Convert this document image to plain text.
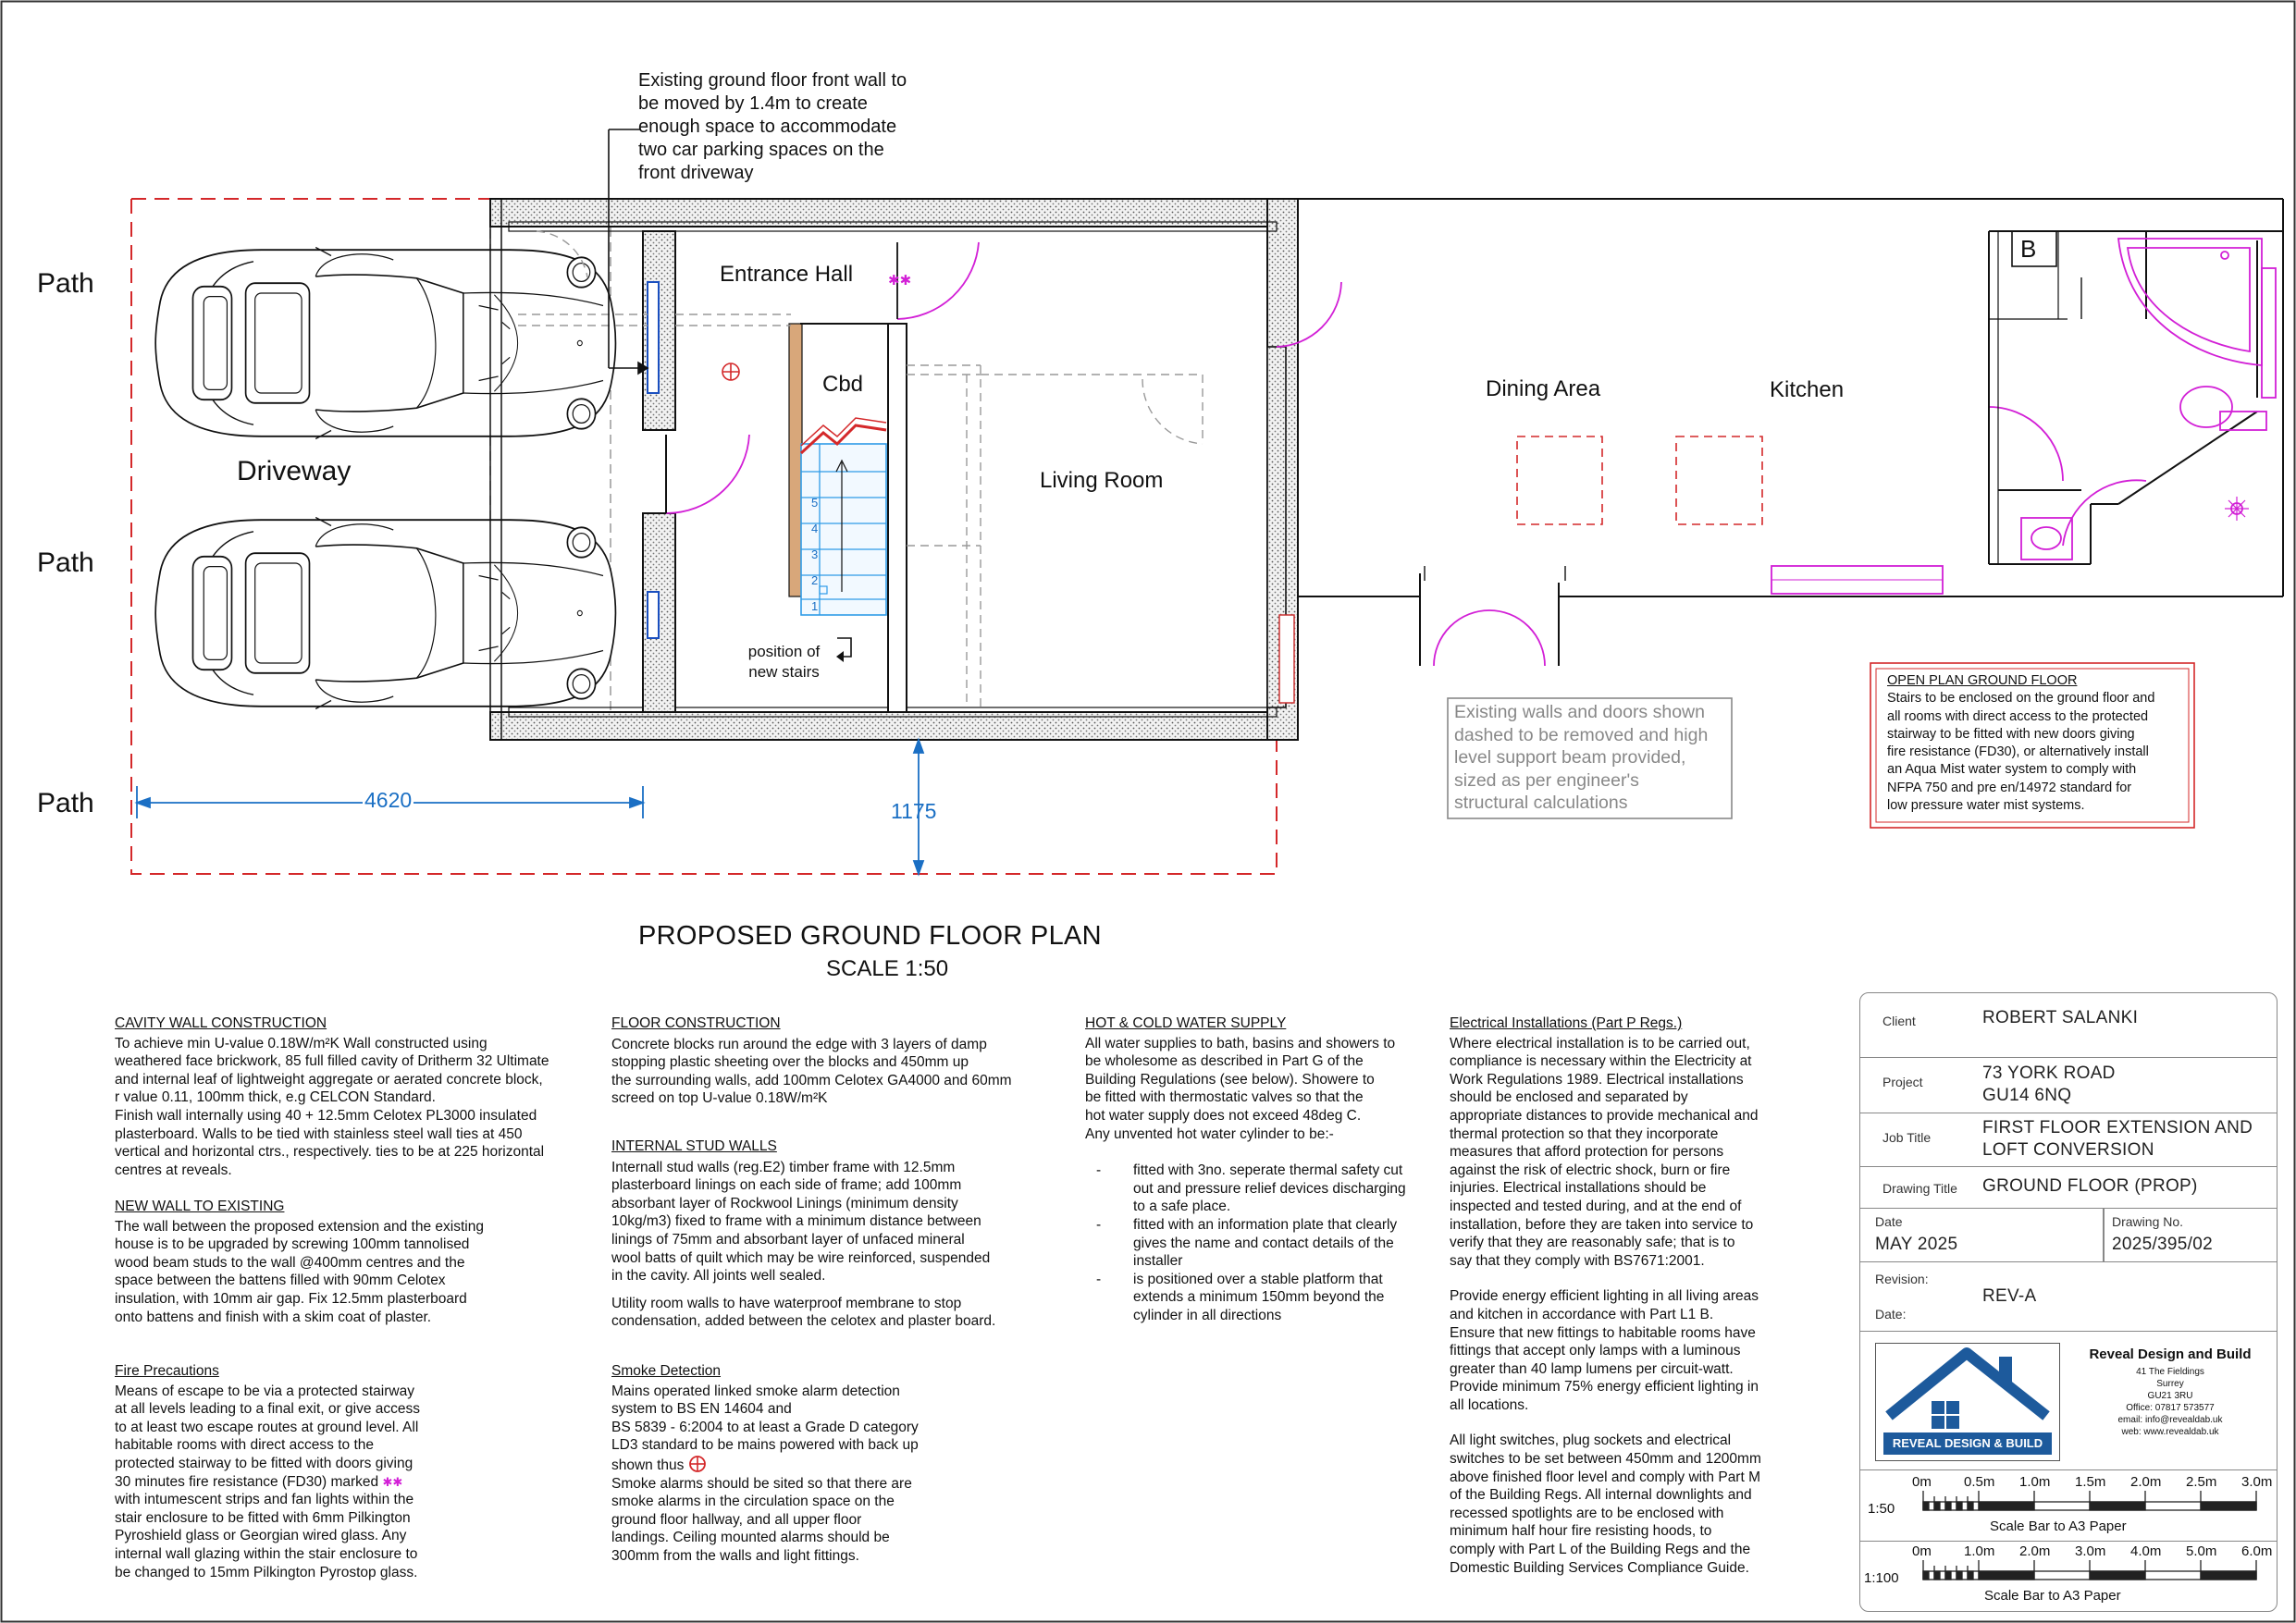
✱✱
Path
Path
Path
Driveway
Entrance Hall
Cbd
Living Room
Dining Area	Kitchen
B
5
4
3
2
1
position of
new stairs
4620	1175
Existing ground floor front wall to
be moved by 1.4m to create
enough space to accommodate
two car parking spaces on the
front driveway
Existing walls and doors shown
dashed to be removed and high
level support beam provided,
sized as per engineer's
structural calculations
OPEN PLAN GROUND FLOOR
Stairs to be enclosed on the ground floor and
all rooms with direct access to the protected
stairway to be fitted with new doors giving
fire resistance (FD30), or alternatively install
an Aqua Mist water system to comply with
NFPA 750 and pre en/14972 standard for
low pressure water mist systems.
PROPOSED GROUND FLOOR PLAN
SCALE 1:50
CAVITY WALL CONSTRUCTION
To achieve min U-value 0.18W/m²K Wall constructed using
weathered face brickwork, 85 full filled cavity of Dritherm 32 Ultimate
and internal leaf of lightweight aggregate or aerated concrete block,
r value 0.11, 100mm thick, e.g CELCON Standard.
Finish wall internally using 40 + 12.5mm Celotex PL3000 insulated
plasterboard. Walls to be tied with stainless steel wall ties at 450
vertical and horizontal ctrs., respectively. ties to be at 225 horizontal
centres at reveals.
NEW WALL TO EXISTING
The wall between the proposed extension and the existing
house is to be upgraded by screwing 100mm tannolised
wood beam studs to the wall @400mm centres and the
space between the battens filled with 90mm Celotex
insulation, with 10mm air gap. Fix 12.5mm plasterboard
onto battens and finish with a skim coat of plaster.
Fire Precautions
Means of escape to be via a protected stairway
at all levels leading to a final exit, or give access
to at least two escape routes at ground level. All
habitable rooms with direct access to the
protected stairway to be fitted with doors giving
30 minutes fire resistance (FD30) marked ✱✱
with intumescent strips and fan lights within the
stair enclosure to be fitted with 6mm Pilkington
Pyroshield glass or Georgian wired glass. Any
internal wall glazing within the stair enclosure to
be changed to 15mm Pilkington Pyrostop glass.
FLOOR CONSTRUCTION
Concrete blocks run around the edge with 3 layers of damp
stopping plastic sheeting over the blocks and 450mm up
the surrounding walls, add 100mm Celotex GA4000 and 60mm
screed on top U-value 0.18W/m²K
INTERNAL STUD WALLS
Internall stud walls (reg.E2) timber frame with 12.5mm
plasterboard linings on each side of frame; add 100mm
absorbant layer of Rockwool Linings (minimum density
10kg/m3) fixed to frame with a minimum distance between
linings of 75mm and absorbant layer of unfaced mineral
wool batts of quilt which may be wire reinforced, suspended
in the cavity. All joints well sealed.
Utility room walls to have waterproof membrane to stop
condensation, added between the celotex and plaster board.
Smoke Detection
Mains operated linked smoke alarm detection
system to BS EN 14604 and
BS 5839 - 6:2004 to at least a Grade D category
LD3 standard to be mains powered with back up
shown thus
Smoke alarms should be sited so that there are
smoke alarms in the circulation space on the
ground floor hallway, and all upper floor
landings. Ceiling mounted alarms should be
300mm from the walls and light fittings.
HOT & COLD WATER SUPPLY
All water supplies to bath, basins and showers to
be wholesome as described in Part G of the
Building Regulations (see below). Showere to
be fitted with thermostatic valves so that the
hot water supply does not exceed 48deg C.
Any unvented hot water cylinder to be:-
-	fitted with 3no. seperate thermal safety cut
out and pressure relief devices discharging
to a safe place.
-	fitted with an information plate that clearly
gives the name and contact details of the
installer
-	is positioned over a stable platform that
extends a minimum 150mm beyond the
cylinder in all directions
Electrical Installations (Part P Regs.)
Where electrical installation is to be carried out,
compliance is necessary within the Electricity at
Work Regulations 1989. Electrical installations
should be enclosed and separated by
appropriate distances to provide mechanical and
thermal protection so that they incorporate
measures that afford protection for persons
against the risk of electric shock, burn or fire
injuries. Electrical installations should be
inspected and tested during, and at the end of
installation, before they are taken into service to
verify that they are reasonably safe; that is to
say that they comply with BS7671:2001.
Provide energy efficient lighting in all living areas
and kitchen in accordance with Part L1 B.
Ensure that new fittings to habitable rooms have
fittings that accept only lamps with a luminous
greater than 40 lamp lumens per circuit-watt.
Provide minimum 75% energy efficient lighting in
all locations.
All light switches, plug sockets and electrical
switches to be set between 450mm and 1200mm
above finished floor level and comply with Part M
of the Building Regs. All internal downlights and
recessed spotlights are to be enclosed with
minimum half hour fire resisting hoods, to
comply with Part L of the Building Regs and the
Domestic Building Services Compliance Guide.
Client	ROBERT SALANKI
Project	73 YORK ROAD
GU14 6NQ
Job Title	FIRST FLOOR EXTENSION AND
LOFT CONVERSION
Drawing Title GROUND FLOOR (PROP)
Date
MAY 2025
Drawing No.
2025/395/02
Revision:
REV-A
Date:
REVEAL DESIGN & BUILD
Reveal Design and Build
41 The Fieldings
Surrey
GU21 3RU
Office: 07817 573577
email: info@revealdab.uk
web: www.revealdab.uk
1:50
0m 0.5m 1.0m 1.5m 2.0m 2.5m 3.0m
Scale Bar to A3 Paper
1:100
0m 1.0m 2.0m 3.0m 4.0m 5.0m 6.0m
Scale Bar to A3 Paper
